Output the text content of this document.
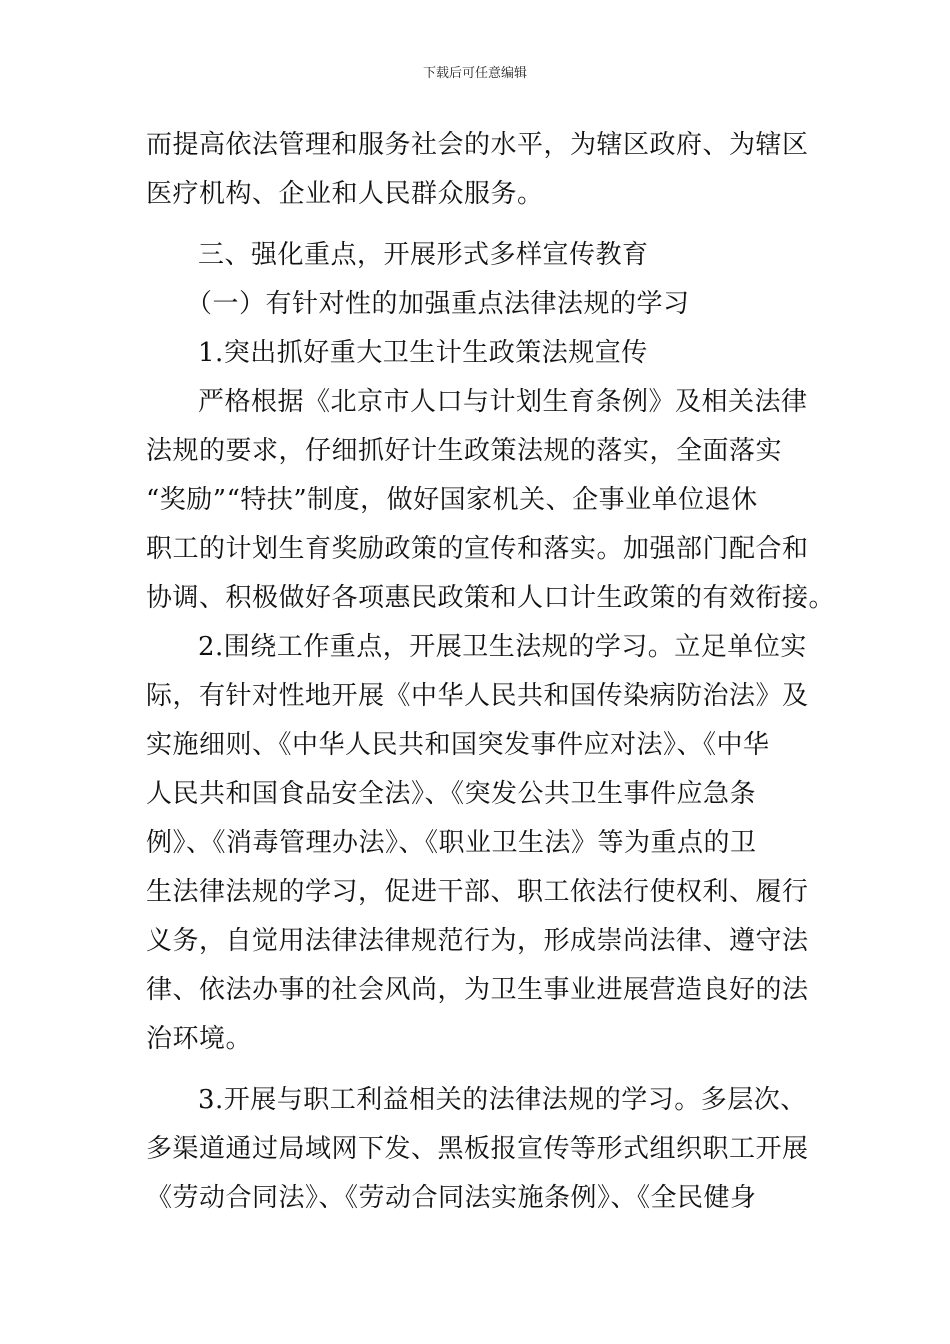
下载后可任意编辑
而提高依法管理和服务社会的水平，为辖区政府、为辖区
医疗机构、企业和人民群众服务。
三、强化重点，开展形式多样宣传教育
（一）有针对性的加强重点法律法规的学习
1.突出抓好重大卫生计生政策法规宣传
严格根据《北京市人口与计划生育条例》及相关法律
法规的要求，仔细抓好计生政策法规的落实，全面落实
“奖励”“特扶”制度，做好国家机关、企事业单位退休
职工的计划生育奖励政策的宣传和落实。加强部门配合和
协调、积极做好各项惠民政策和人口计生政策的有效衔接。
2.围绕工作重点，开展卫生法规的学习。立足单位实
际，有针对性地开展《中华人民共和国传染病防治法》及
实施细则、《中华人民共和国突发事件应对法》、《中华
人民共和国食品安全法》、《突发公共卫生事件应急条
例》、《消毒管理办法》、《职业卫生法》等为重点的卫
生法律法规的学习，促进干部、职工依法行使权利、履行
义务，自觉用法律法律规范行为，形成崇尚法律、遵守法
律、依法办事的社会风尚，为卫生事业进展营造良好的法
治环境。
3.开展与职工利益相关的法律法规的学习。多层次、
多渠道通过局域网下发、黑板报宣传等形式组织职工开展
《劳动合同法》、《劳动合同法实施条例》、《全民健身
